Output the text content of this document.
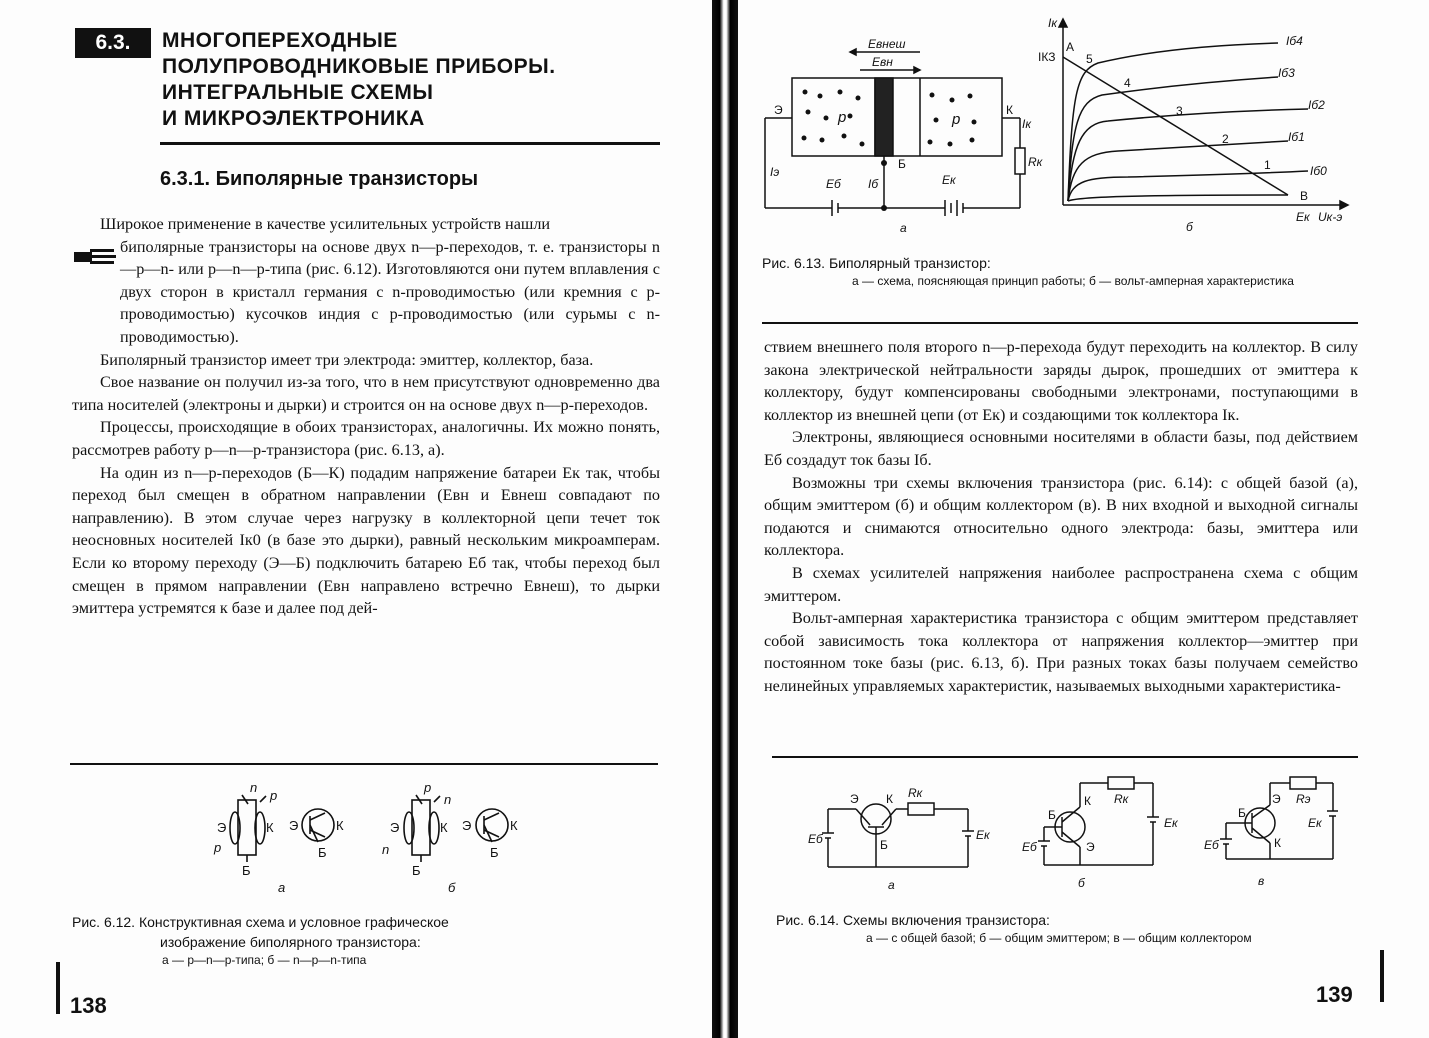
6.3.	МНОГОПЕРЕХОДНЫЕ
ПОЛУПРОВОДНИКОВЫЕ ПРИБОРЫ.
ИНТЕГРАЛЬНЫЕ СХЕМЫ
И МИКРОЭЛЕКТРОНИКА
6.3.1. Биполярные транзисторы

Широкое применение в качестве усилительных устройств нашли

биполярные транзисторы на основе двух n—p-переходов, т. е. транзисторы n—p—n- или p—n—p-типа (рис. 6.12). Изготовляются они путем вплавления с двух сторон в кристалл германия с n-проводимостью (или кремния с p-проводимостью) кусочков индия с p-проводимостью (или сурьмы с n-проводимостью).

Биполярный транзистор имеет три электрода: эмиттер, коллектор, база.

Свое название он получил из-за того, что в нем присутствуют одновременно два типа носителей (электроны и дырки) и строится он на основе двух n—p-переходов.

Процессы, происходящие в обоих транзисторах, аналогичны. Их можно понять, рассмотрев работу p—n—p-транзистора (рис. 6.13, а).

На один из n—p-переходов (Б—К) подадим напряжение батареи Eк так, чтобы переход был смещен в обратном направлении (Eвн и Eвнеш совпадают по направлению). В этом случае через нагрузку в коллекторной цепи течет ток неосновных носителей Iк0 (в базе это дырки), равный нескольким микроамперам. Если ко второму переходу (Э—Б) подключить батарею Eб так, чтобы переход был смещен в прямом направлении (Eвн направлено встречно Eвнеш), то дырки эмиттера устремятся к базе и далее под дей-

n
p
Э	К
p
Б
Э	К
Б
p
n
Э	К
n
Б
Э	К
Б
а	б
Рис. 6.12. Конструктивная схема и условное графическое
изображение биполярного транзистора:
а — p—n—p-типа; б — n—p—n-типа
138
Eвнеш
Eвн
p	p
Э	К
Б
Iк
Rк
Iэ
Eб Iб	Eк
а
Iк
IКЗ
A
B
Eк Uк-э
Iб4
Iб3
Iб2
Iб1
Iб0
5
4
3
2
1
б
Рис. 6.13. Биполярный транзистор:
а — схема, поясняющая принцип работы; б — вольт-амперная характеристика

ствием внешнего поля второго n—p-перехода будут переходить на коллектор. В силу закона электрической нейтральности заряды дырок, прошедших от эмиттера к коллектору, будут компенсированы свободными электронами, поступающими в коллектор из внешней цепи (от Eк) и создающими ток коллектора Iк.

Электроны, являющиеся основными носителями в области базы, под действием Eб создадут ток базы Iб.

Возможны три схемы включения транзистора (рис. 6.14): с общей базой (а), общим эмиттером (б) и общим коллектором (в). В них входной и выходной сигналы подаются и снимаются относительно одного электрода: базы, эмиттера или коллектора.

В схемах усилителей напряжения наиболее распространена схема с общим эмиттером.

Вольт-амперная характеристика транзистора с общим эмиттером представляет собой зависимость тока коллектора от напряжения коллектор—эмиттер при постоянном токе базы (рис. 6.13, б). При разных токах базы получаем семейство нелинейных управляемых характеристик, называемых выходными характеристика-

Э К Rк
Б
Eб	Eк
а
Б
К
Э
Rк
Eб
Eк
б
Б
Э
К
Rэ
Eб
Eк
в
Рис. 6.14. Схемы включения транзистора:
а — с общей базой; б — общим эмиттером; в — общим коллектором
139
